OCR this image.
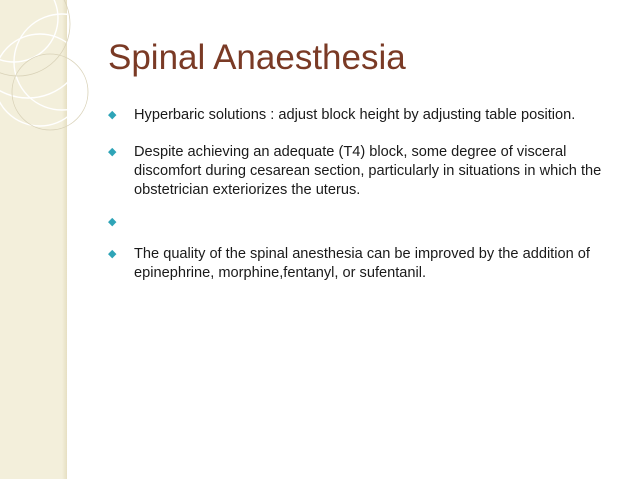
Spinal Anaesthesia
◆	Hyperbaric solutions : adjust block height by adjusting table position.
◆	Despite achieving an adequate (T4) block, some degree of visceral discomfort during cesarean section, particularly in situations in which the obstetrician exteriorizes the uterus.
◆
◆	The quality of the spinal anesthesia can be improved by the addition of epinephrine, morphine,fentanyl, or sufentanil.
